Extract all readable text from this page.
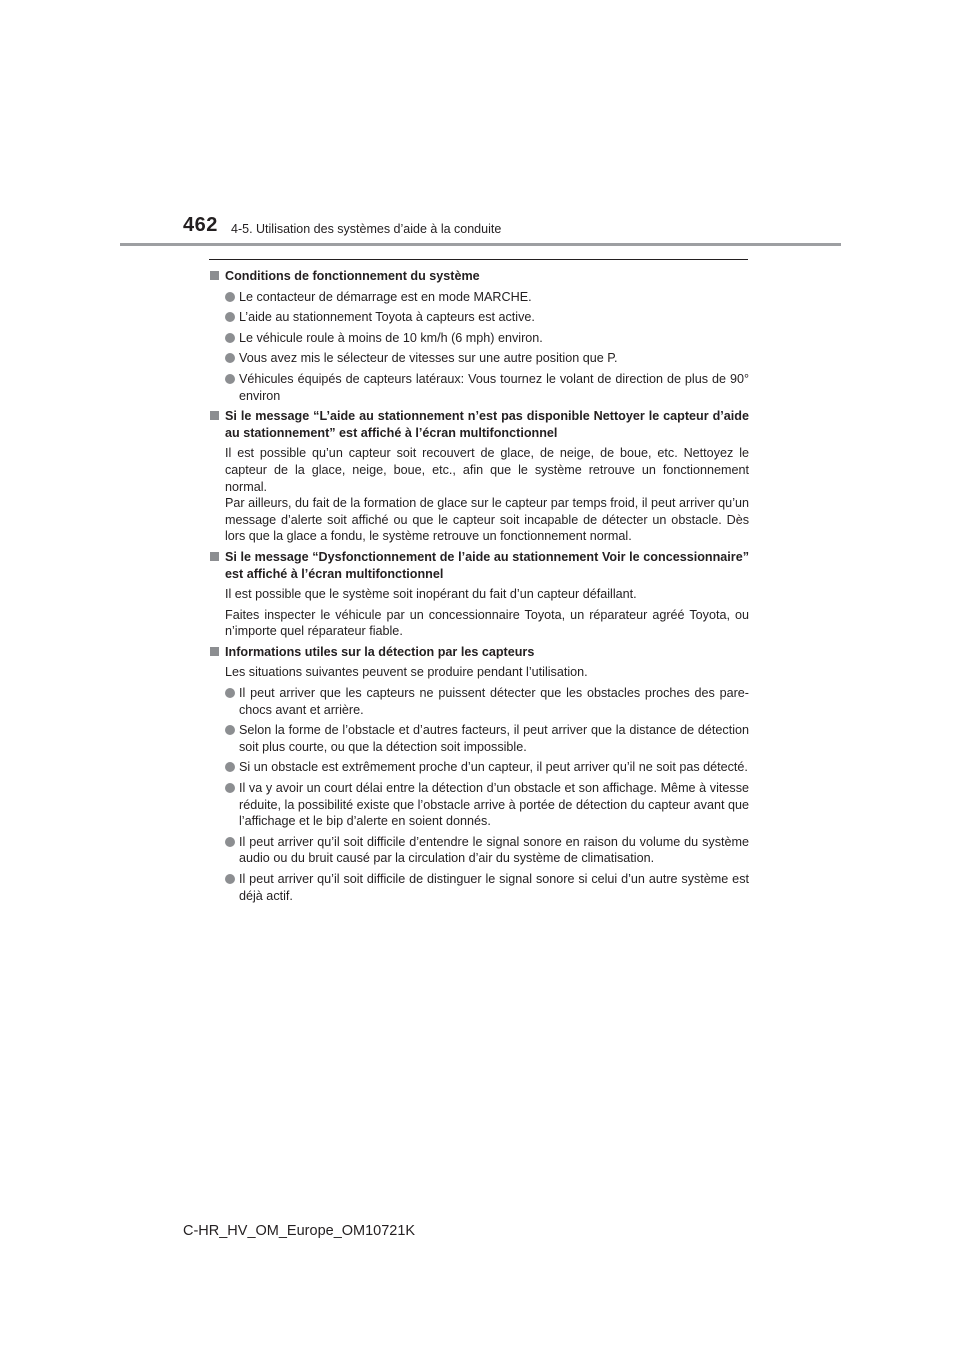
462 4-5. Utilisation des systèmes d’aide à la conduite
Conditions de fonctionnement du système
Le contacteur de démarrage est en mode MARCHE.
L’aide au stationnement Toyota à capteurs est active.
Le véhicule roule à moins de 10 km/h (6 mph) environ.
Vous avez mis le sélecteur de vitesses sur une autre position que P.
Véhicules équipés de capteurs latéraux: Vous tournez le volant de direction de plus de 90° environ
Si le message “L’aide au stationnement n’est pas disponible Nettoyer le capteur d’aide au stationnement” est affiché à l’écran multifonctionnel
Il est possible qu’un capteur soit recouvert de glace, de neige, de boue, etc. Nettoyez le capteur de la glace, neige, boue, etc., afin que le système retrouve un fonctionnement normal.
Par ailleurs, du fait de la formation de glace sur le capteur par temps froid, il peut arriver qu’un message d’alerte soit affiché ou que le capteur soit incapable de détecter un obstacle. Dès lors que la glace a fondu, le système retrouve un fonctionnement normal.
Si le message “Dysfonctionnement de l’aide au stationnement Voir le concessionnaire” est affiché à l’écran multifonctionnel
Il est possible que le système soit inopérant du fait d’un capteur défaillant.
Faites inspecter le véhicule par un concessionnaire Toyota, un réparateur agréé Toyota, ou n’importe quel réparateur fiable.
Informations utiles sur la détection par les capteurs
Les situations suivantes peuvent se produire pendant l’utilisation.
Il peut arriver que les capteurs ne puissent détecter que les obstacles proches des pare-chocs avant et arrière.
Selon la forme de l’obstacle et d’autres facteurs, il peut arriver que la distance de détection soit plus courte, ou que la détection soit impossible.
Si un obstacle est extrêmement proche d’un capteur, il peut arriver qu’il ne soit pas détecté.
Il va y avoir un court délai entre la détection d’un obstacle et son affichage. Même à vitesse réduite, la possibilité existe que l’obstacle arrive à portée de détection du capteur avant que l’affichage et le bip d’alerte en soient donnés.
Il peut arriver qu’il soit difficile d’entendre le signal sonore en raison du volume du système audio ou du bruit causé par la circulation d’air du système de climatisation.
Il peut arriver qu’il soit difficile de distinguer le signal sonore si celui d’un autre système est déjà actif.
C-HR_HV_OM_Europe_OM10721K
